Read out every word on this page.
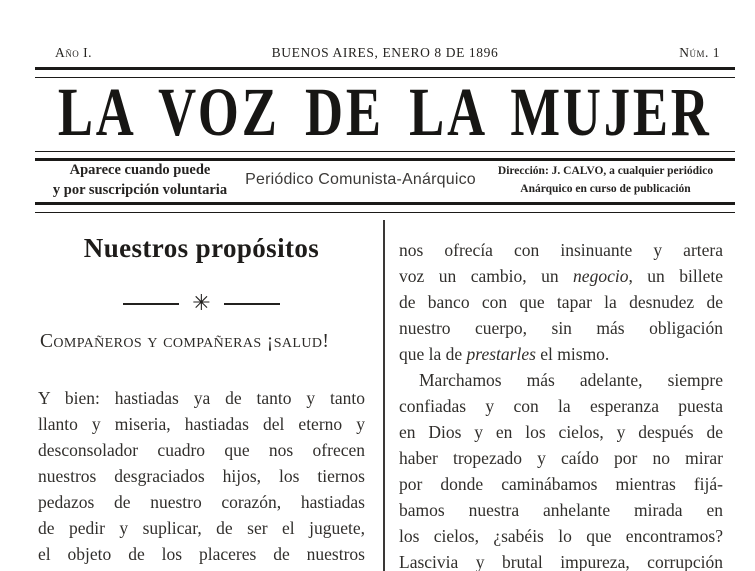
Año I.	BUENOS AIRES, ENERO 8 DE 1896	Núm. 1
LA VOZ DE LA MUJER
Aparece cuando puede
y por suscripción voluntaria
Periódico Comunista-Anárquico	Dirección: J. CALVO, a cualquier periódico
Anárquico en curso de publicación
Nuestros propósitos
✳
Compañeros y compañeras ¡salud!
Y bien: hastiadas ya de tanto y tanto
llanto y miseria, hastiadas del eterno y
desconsolador cuadro que nos ofrecen
nuestros desgraciados hijos, los tiernos
pedazos de nuestro corazón, hastiadas
de pedir y suplicar, de ser el juguete,
el objeto de los placeres de nuestros
nos ofrecía con insinuante y artera
voz un cambio, un negocio, un billete
de banco con que tapar la desnudez de
nuestro cuerpo, sin más obligación
que la de prestarles el mismo.
Marchamos más adelante, siempre
confiadas y con la esperanza puesta
en Dios y en los cielos, y después de
haber tropezado y caído por no mirar
por donde caminábamos mientras fijá-
bamos nuestra anhelante mirada en
los cielos, ¿sabéis lo que encontramos?
Lascivia y brutal impureza, corrupción
